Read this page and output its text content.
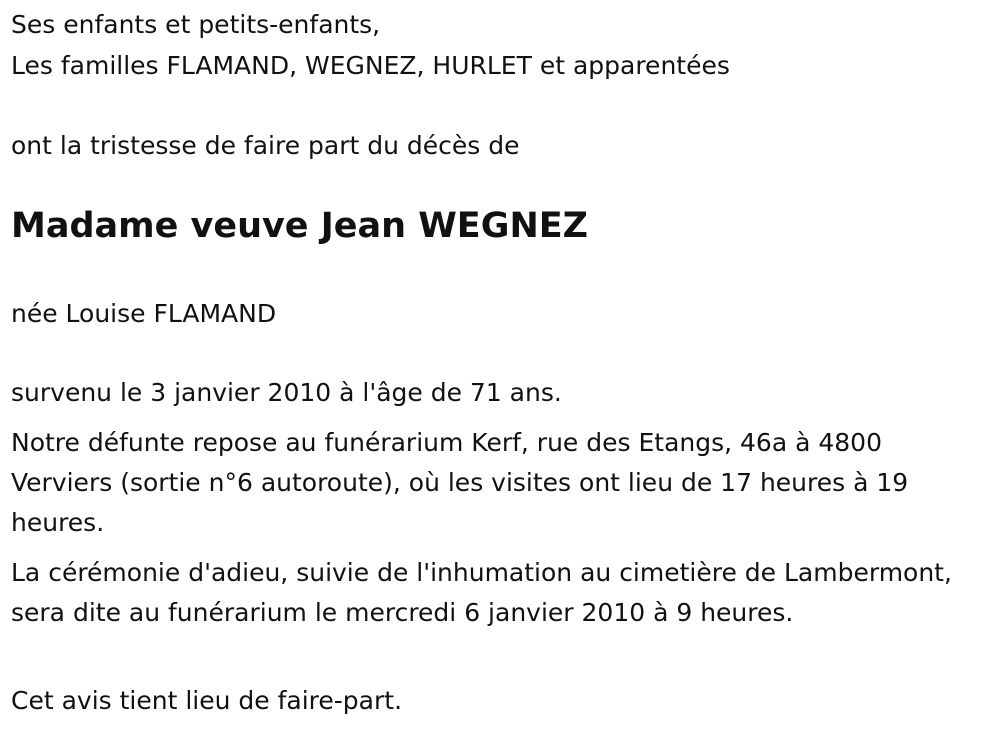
Ses enfants et petits-enfants,

Les familles FLAMAND, WEGNEZ, HURLET et apparentées

ont la tristesse de faire part du décès de

Madame veuve Jean WEGNEZ

née Louise FLAMAND

survenu le 3 janvier 2010 à l'âge de 71 ans.

Notre défunte repose au funérarium Kerf, rue des Etangs, 46a à 4800 Verviers (sortie n°6 autoroute), où les visites ont lieu de 17 heures à 19 heures.

La cérémonie d'adieu, suivie de l'inhumation au cimetière de Lambermont, sera dite au funérarium le mercredi 6 janvier 2010 à 9 heures.

Cet avis tient lieu de faire-part.
